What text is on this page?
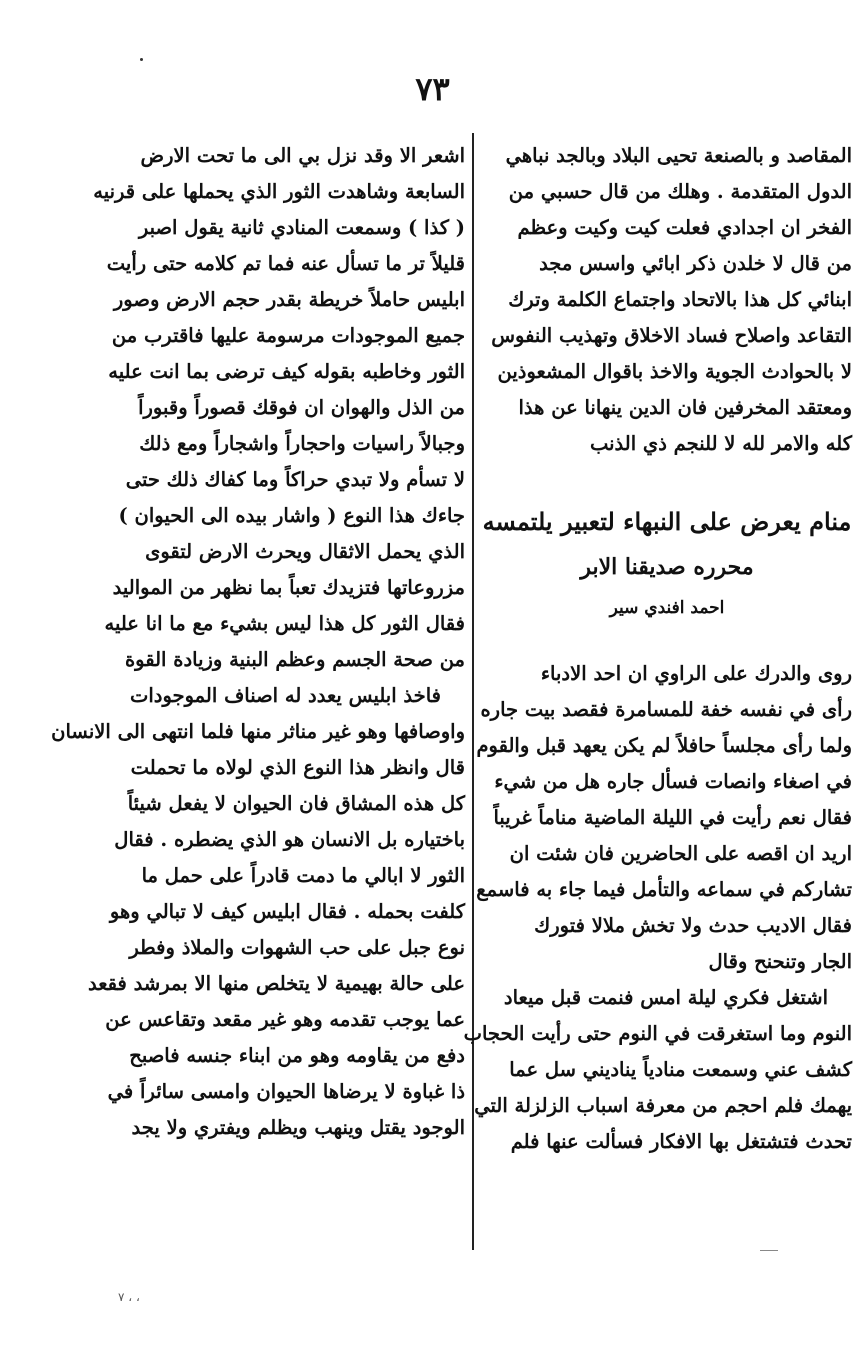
٧٣
المقاصد و بالصنعة تحيى البلاد وبالجد نباهي
الدول المتقدمة . وهلك من قال حسبي من
الفخر ان اجدادي فعلت كيت وكيت وعظم
من قال لا خلدن ذكر ابائي واسس مجد
ابنائي كل هذا بالاتحاد واجتماع الكلمة وترك
التقاعد واصلاح فساد الاخلاق وتهذيب النفوس
لا بالحوادث الجوية والاخذ باقوال المشعوذين
ومعتقد المخرفين فان الدين ينهانا عن هذا
كله والامر لله لا للنجم ذي الذنب
منام يعرض على النبهاء لتعبير يلتمسه
محرره صديقنا الابر
احمد افندي سير
روى والدرك على الراوي ان احد الادباء
رأى في نفسه خفة للمسامرة فقصد بيت جاره
ولما رأى مجلساً حافلاً لم يكن يعهد قبل والقوم
في اصغاء وانصات فسأل جاره هل من شيء
فقال نعم رأيت في الليلة الماضية مناماً غريباً
اريد ان اقصه على الحاضرين فان شئت ان
تشاركم في سماعه والتأمل فيما جاء به فاسمع
فقال الاديب حدث ولا تخش ملالا فتورك
الجار وتنحنح وقال
اشتغل فكري ليلة امس فنمت قبل ميعاد
النوم وما استغرقت في النوم حتى رأيت الحجاب
كشف عني وسمعت منادياً يناديني سل عما
يهمك فلم احجم من معرفة اسباب الزلزلة التي
تحدث فتشتغل بها الافكار فسألت عنها فلم
اشعر الا وقد نزل بي الى ما تحت الارض
السابعة وشاهدت الثور الذي يحملها على قرنيه
( كذا ) وسمعت المنادي ثانية يقول اصبر
قليلاً تر ما تسأل عنه فما تم كلامه حتى رأيت
ابليس حاملاً خريطة بقدر حجم الارض وصور
جميع الموجودات مرسومة عليها فاقترب من
الثور وخاطبه بقوله كيف ترضى بما انت عليه
من الذل والهوان ان فوقك قصوراً وقبوراً
وجبالاً راسيات واحجاراً واشجاراً ومع ذلك
لا تسأم ولا تبدي حراكاً وما كفاك ذلك حتى
جاءك هذا النوع ( واشار بيده الى الحيوان )
الذي يحمل الاثقال ويحرث الارض لتقوى
مزروعاتها فتزيدك تعباً بما نظهر من المواليد
فقال الثور كل هذا ليس بشيء مع ما انا عليه
من صحة الجسم وعظم البنية وزيادة القوة
فاخذ ابليس يعدد له اصناف الموجودات
واوصافها وهو غير مناثر منها فلما انتهى الى الانسان
قال وانظر هذا النوع الذي لولاه ما تحملت
كل هذه المشاق فان الحيوان لا يفعل شيئاً
باختياره بل الانسان هو الذي يضطره . فقال
الثور لا ابالي ما دمت قادراً على حمل ما
كلفت بحمله . فقال ابليس كيف لا تبالي وهو
نوع جبل على حب الشهوات والملاذ وفطر
على حالة بهيمية لا يتخلص منها الا بمرشد فقعد
عما يوجب تقدمه وهو غير مقعد وتقاعس عن
دفع من يقاومه وهو من ابناء جنسه فاصبح
ذا غباوة لا يرضاها الحيوان وامسى سائراً في
الوجود يقتل وينهب ويظلم ويفتري ولا يجد
، ، ٧
